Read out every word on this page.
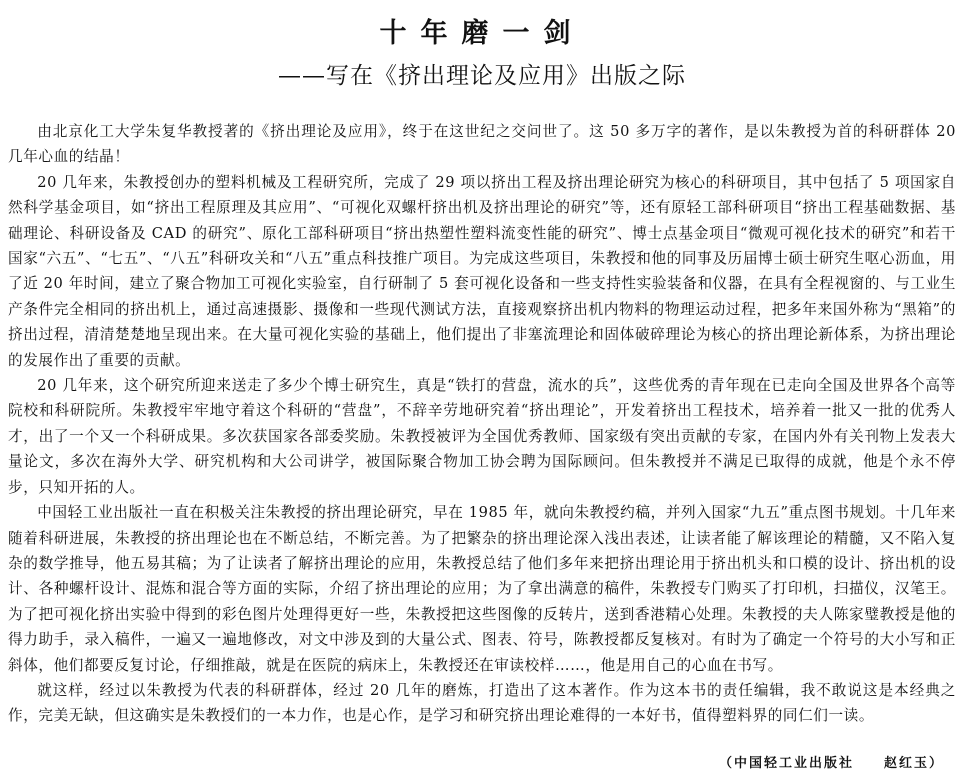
十年磨一剑
——写在《挤出理论及应用》出版之际

由北京化工大学朱复华教授著的《挤出理论及应用》，终于在这世纪之交问世了。这 50 多万字的著作，是以朱教授为首的科研群体 20 几年心血的结晶！

20 几年来，朱教授创办的塑料机械及工程研究所，完成了 29 项以挤出工程及挤出理论研究为核心的科研项目，其中包括了 5 项国家自然科学基金项目，如“挤出工程原理及其应用”、“可视化双螺杆挤出机及挤出理论的研究”等，还有原轻工部科研项目“挤出工程基础数据、基础理论、科研设备及 CAD 的研究”、原化工部科研项目“挤出热塑性塑料流变性能的研究”、博士点基金项目“微观可视化技术的研究”和若干国家“六五”、“七五”、“八五”科研攻关和“八五”重点科技推广项目。为完成这些项目，朱教授和他的同事及历届博士硕士研究生呕心沥血，用了近 20 年时间，建立了聚合物加工可视化实验室，自行研制了 5 套可视化设备和一些支持性实验装备和仪器，在具有全程视窗的、与工业生产条件完全相同的挤出机上，通过高速摄影、摄像和一些现代测试方法，直接观察挤出机内物料的物理运动过程，把多年来国外称为“黑箱”的挤出过程，清清楚楚地呈现出来。在大量可视化实验的基础上，他们提出了非塞流理论和固体破碎理论为核心的挤出理论新体系，为挤出理论的发展作出了重要的贡献。

20 几年来，这个研究所迎来送走了多少个博士研究生，真是“铁打的营盘，流水的兵”，这些优秀的青年现在已走向全国及世界各个高等院校和科研院所。朱教授牢牢地守着这个科研的“营盘”，不辞辛劳地研究着“挤出理论”，开发着挤出工程技术，培养着一批又一批的优秀人才，出了一个又一个科研成果。多次获国家各部委奖励。朱教授被评为全国优秀教师、国家级有突出贡献的专家，在国内外有关刊物上发表大量论文，多次在海外大学、研究机构和大公司讲学，被国际聚合物加工协会聘为国际顾问。但朱教授并不满足已取得的成就，他是个永不停步，只知开拓的人。

中国轻工业出版社一直在积极关注朱教授的挤出理论研究，早在 1985 年，就向朱教授约稿，并列入国家“九五”重点图书规划。十几年来随着科研进展，朱教授的挤出理论也在不断总结，不断完善。为了把繁杂的挤出理论深入浅出表述，让读者能了解该理论的精髓，又不陷入复杂的数学推导，他五易其稿；为了让读者了解挤出理论的应用，朱教授总结了他们多年来把挤出理论用于挤出机头和口模的设计、挤出机的设计、各种螺杆设计、混炼和混合等方面的实际，介绍了挤出理论的应用；为了拿出满意的稿件，朱教授专门购买了打印机，扫描仪，汉笔王。为了把可视化挤出实验中得到的彩色图片处理得更好一些，朱教授把这些图像的反转片，送到香港精心处理。朱教授的夫人陈家璧教授是他的得力助手，录入稿件，一遍又一遍地修改，对文中涉及到的大量公式、图表、符号，陈教授都反复核对。有时为了确定一个符号的大小写和正斜体，他们都要反复讨论，仔细推敲，就是在医院的病床上，朱教授还在审读校样……，他是用自己的心血在书写。

就这样，经过以朱教授为代表的科研群体，经过 20 几年的磨炼，打造出了这本著作。作为这本书的责任编辑，我不敢说这是本经典之作，完美无缺，但这确实是朱教授们的一本力作，也是心作，是学习和研究挤出理论难得的一本好书，值得塑料界的同仁们一读。

（中国轻工业出版社　　赵红玉）
